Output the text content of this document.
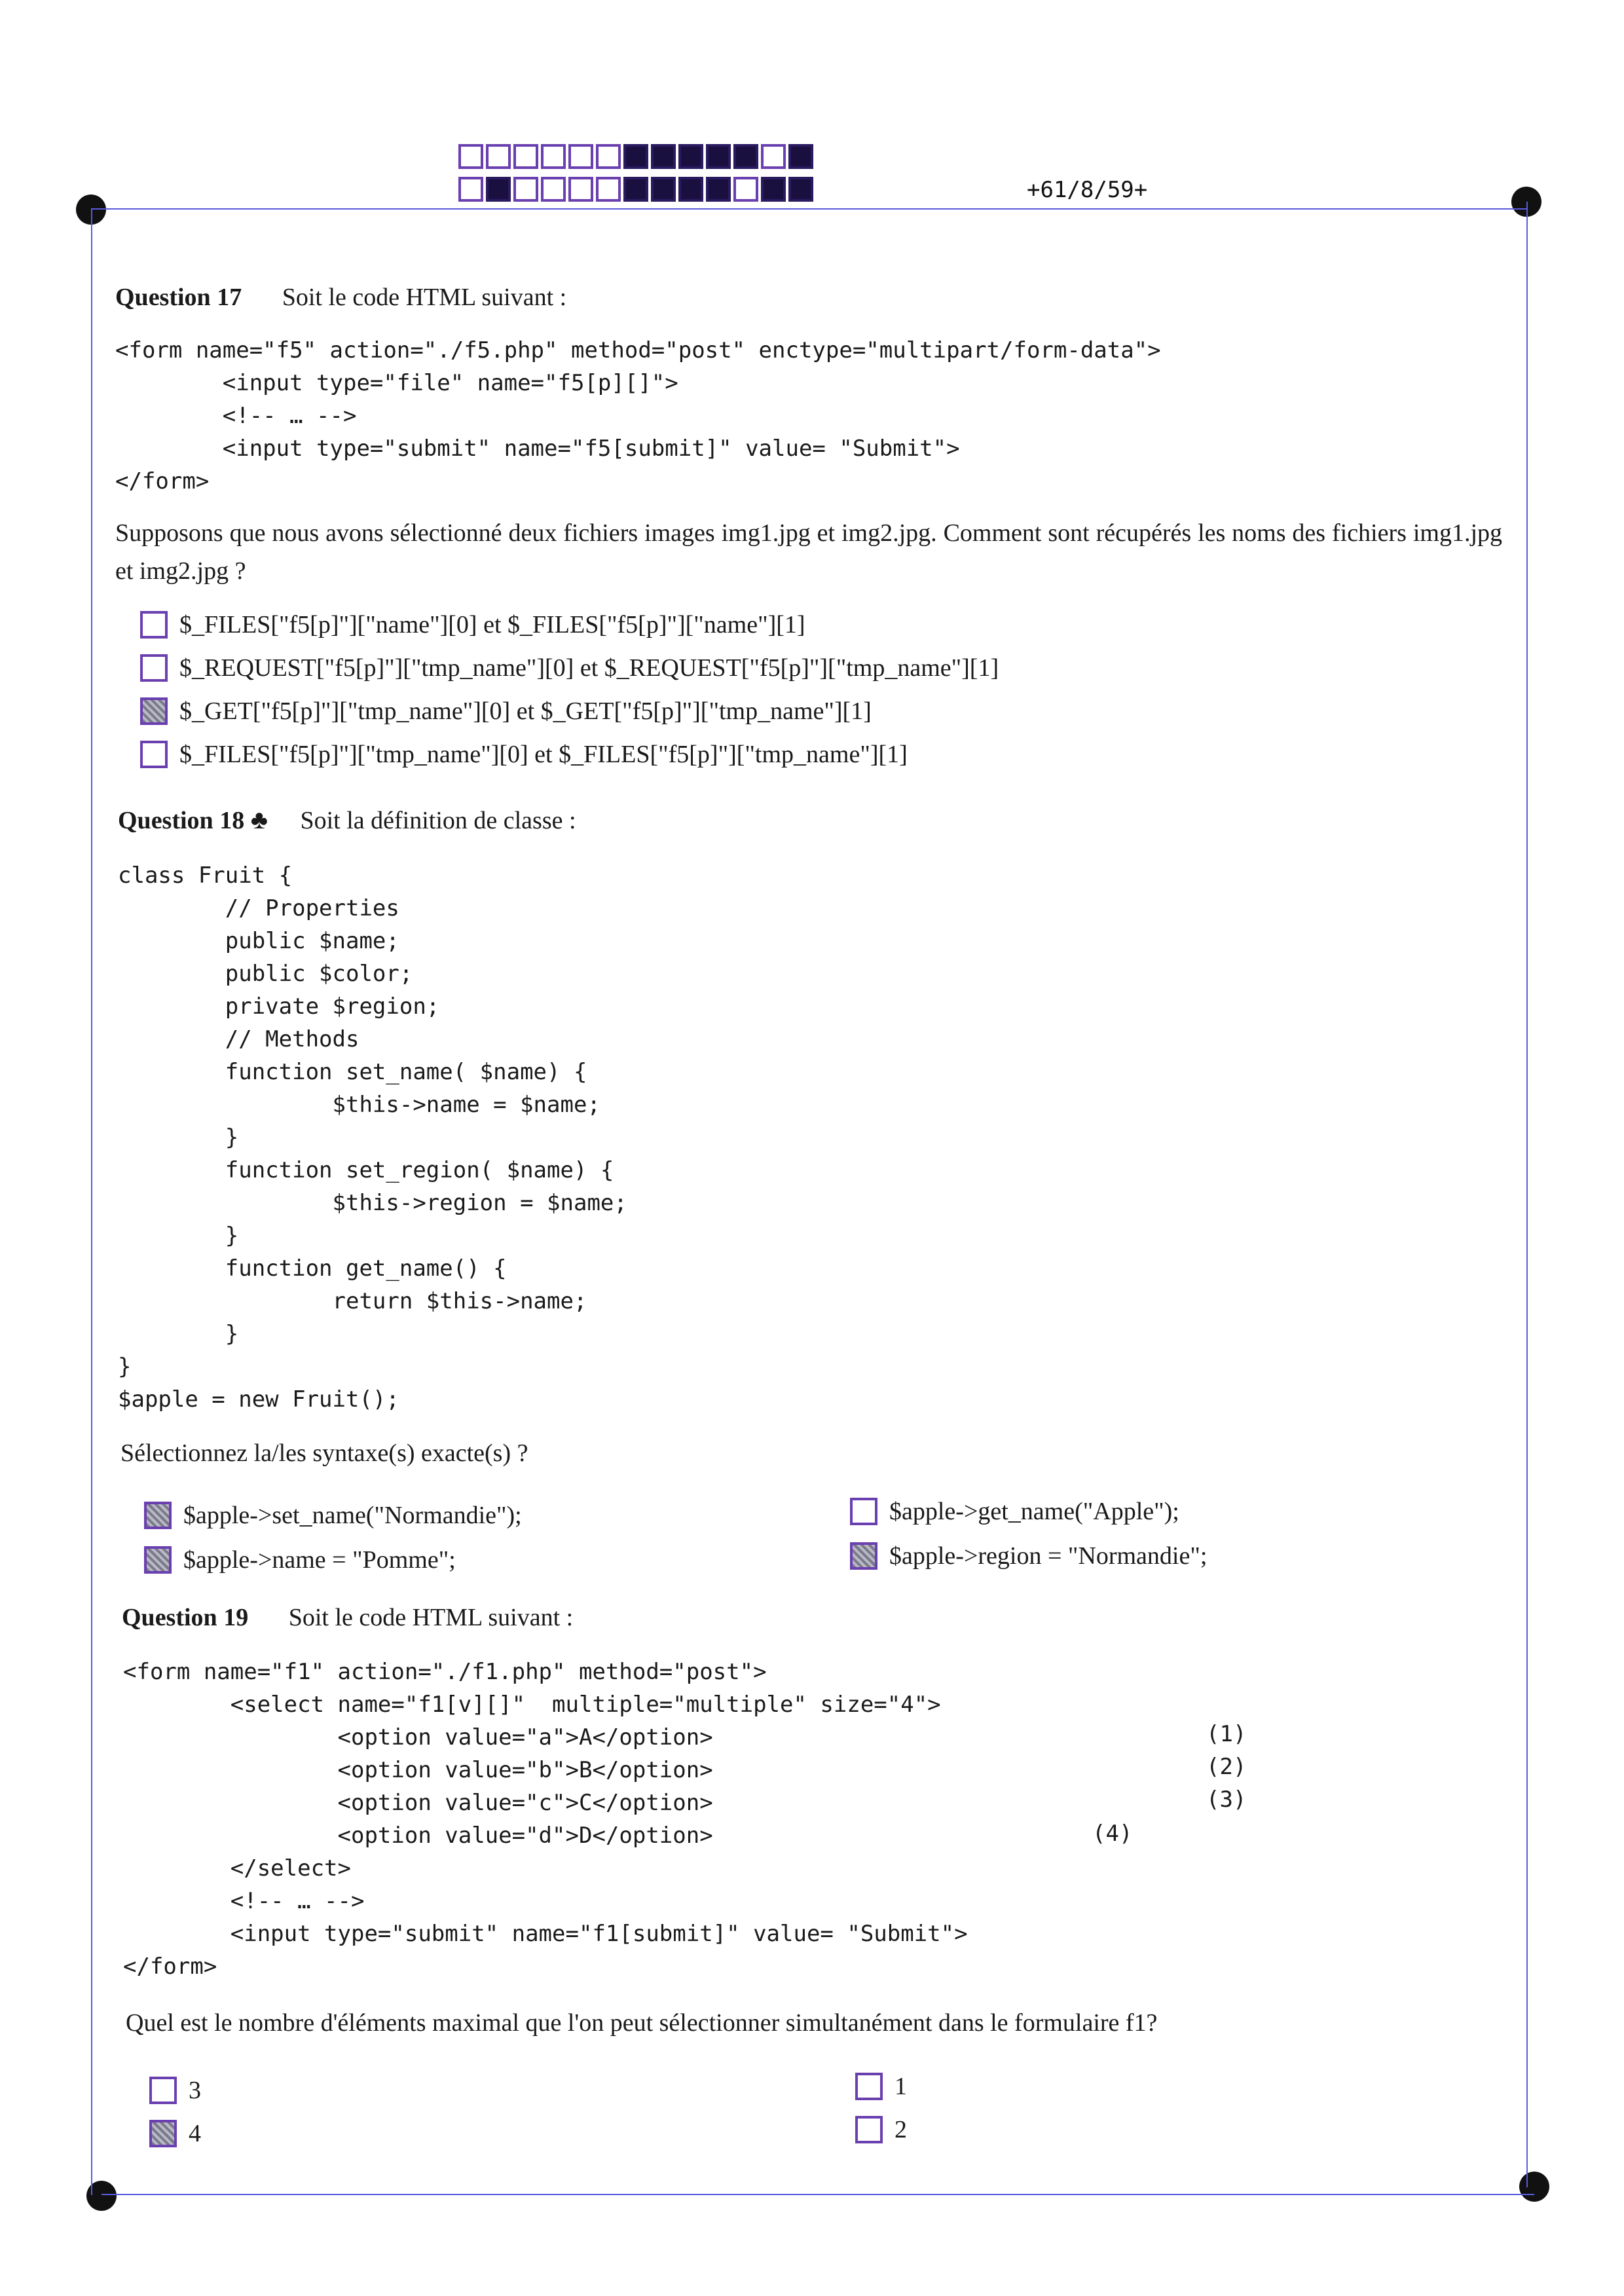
+61/8/59+
Question 17 Soit le code HTML suivant :
<form name="f5" action="./f5.php" method="post" enctype="multipart/form-data">
<input type="file" name="f5[p][]">
<!-- … -->
<input type="submit" name="f5[submit]" value= "Submit">
</form>
Supposons que nous avons sélectionné deux fichiers images img1.jpg et img2.jpg. Comment sont récupérés les noms des fichiers img1.jpg et img2.jpg ?
$_FILES["f5[p]"]["name"][0] et $_FILES["f5[p]"]["name"][1]
$_REQUEST["f5[p]"]["tmp_name"][0] et $_REQUEST["f5[p]"]["tmp_name"][1]
$_GET["f5[p]"]["tmp_name"][0] et $_GET["f5[p]"]["tmp_name"][1]
$_FILES["f5[p]"]["tmp_name"][0] et $_FILES["f5[p]"]["tmp_name"][1]
Question 18 ♣ Soit la définition de classe :
class Fruit {
// Properties
public $name;
public $color;
private $region;
// Methods
function set_name( $name) {
$this->name = $name;
}
function set_region( $name) {
$this->region = $name;
}
function get_name() {
return $this->name;
}
}
$apple = new Fruit();
Sélectionnez la/les syntaxe(s) exacte(s) ?
$apple->set_name("Normandie");
$apple->name = "Pomme";
$apple->get_name("Apple");
$apple->region = "Normandie";
Question 19 Soit le code HTML suivant :
<form name="f1" action="./f1.php" method="post">
<select name="f1[v][]"  multiple="multiple" size="4">
<option value="a">A</option>
<option value="b">B</option>
<option value="c">C</option>
<option value="d">D</option>
</select>
<!-- … -->
<input type="submit" name="f1[submit]" value= "Submit">
</form>
(1)
(2)
(3)
(4)
Quel est le nombre d'éléments maximal que l'on peut sélectionner simultanément dans le formulaire f1?
3
4
1
2
